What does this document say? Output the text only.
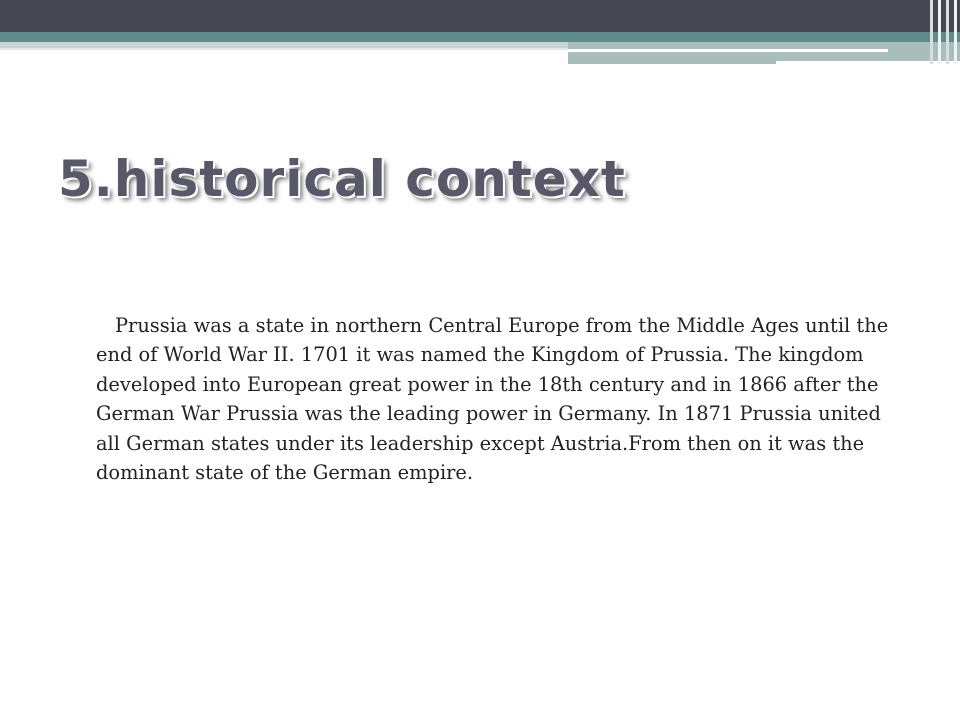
5.historical context

Prussia was a state in northern Central Europe from the Middle Ages until the end of World War II. 1701 it was named the Kingdom of Prussia. The kingdom developed into European great power in the 18th century and in 1866 after the German War Prussia was the leading power in Germany. In 1871 Prussia united all German states under its leadership except Austria.From then on it was the dominant state of the German empire.
